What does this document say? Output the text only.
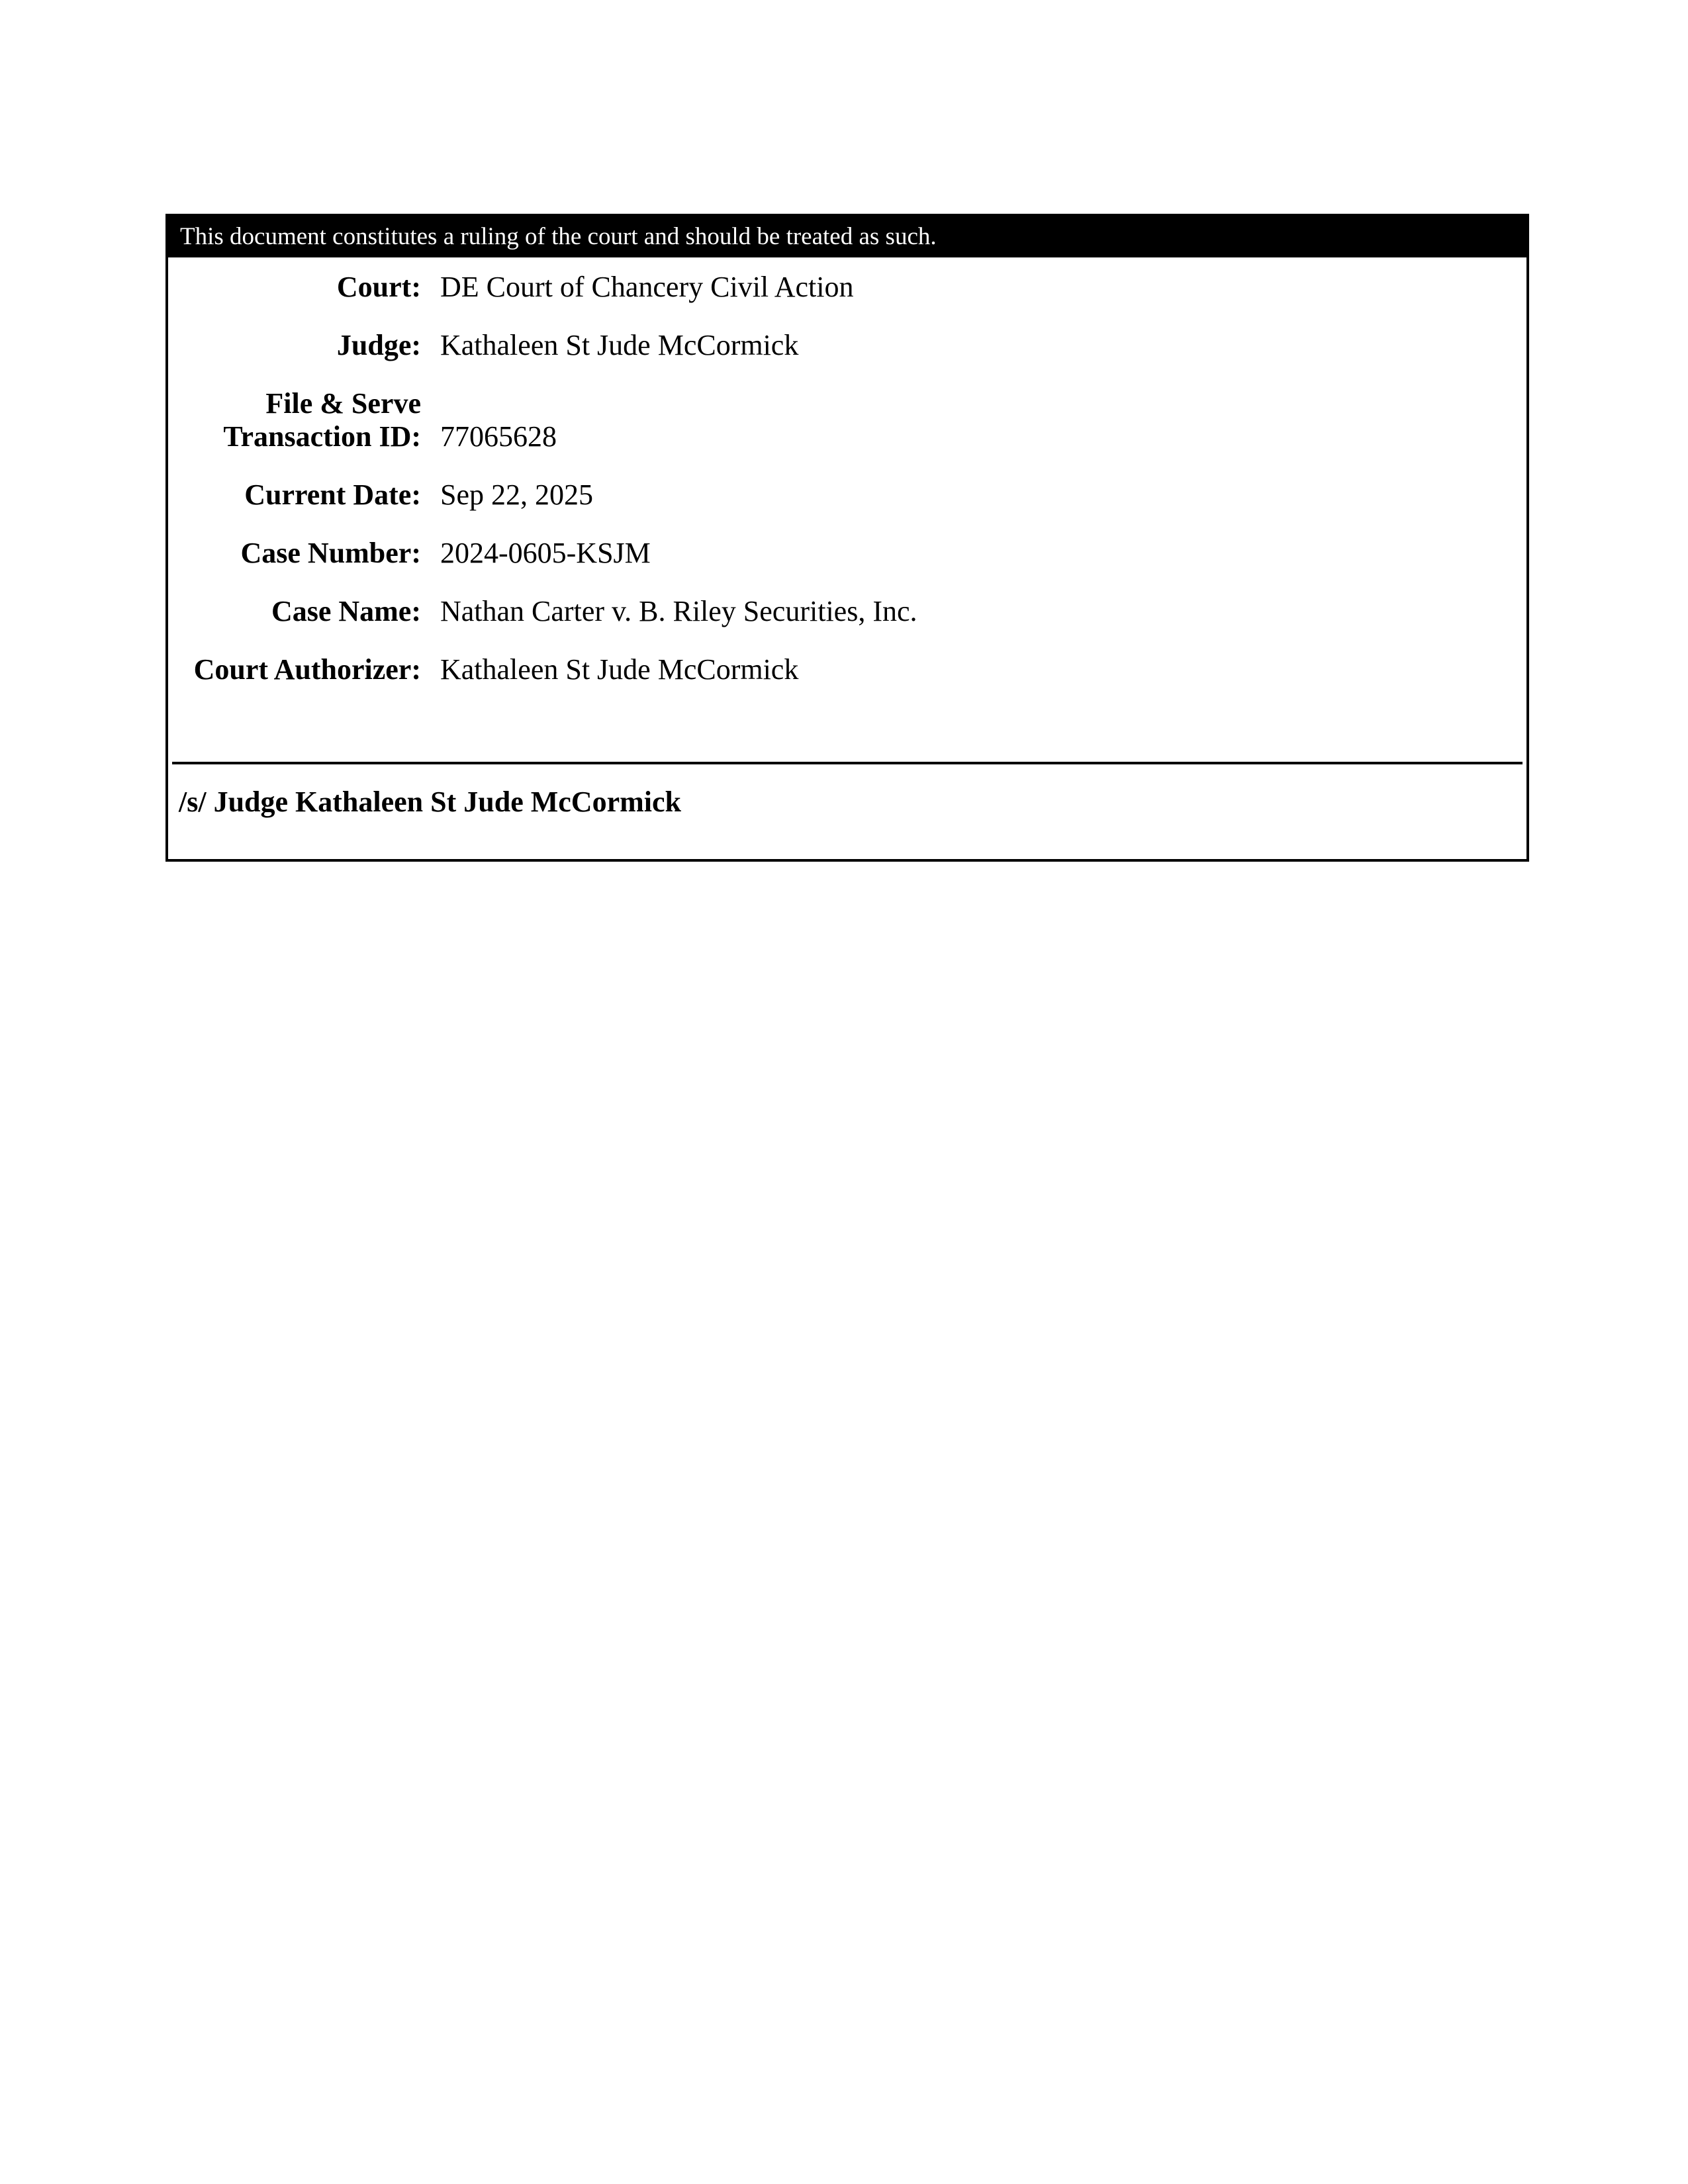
This document constitutes a ruling of the court and should be treated as such.
Court: DE Court of Chancery Civil Action
Judge: Kathaleen St Jude McCormick
File & Serve
Transaction ID: 77065628
Current Date: Sep 22, 2025
Case Number: 2024-0605-KSJM
Case Name: Nathan Carter v. B. Riley Securities, Inc.
Court Authorizer: Kathaleen St Jude McCormick
/s/ Judge Kathaleen St Jude McCormick
